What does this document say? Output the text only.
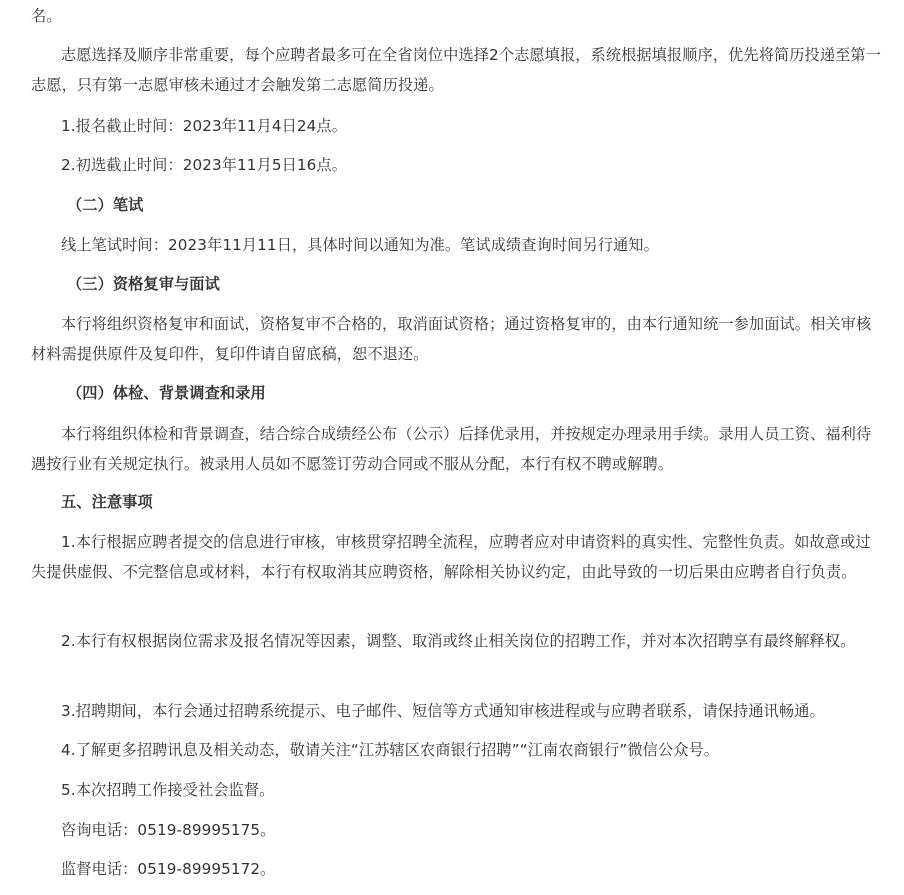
名。

志愿选择及顺序非常重要，每个应聘者最多可在全省岗位中选择2个志愿填报，系统根据填报顺序，优先将简历投递至第一志愿，只有第一志愿审核未通过才会触发第二志愿简历投递。

1.报名截止时间：2023年11月4日24点。

2.初选截止时间：2023年11月5日16点。

（二）笔试

线上笔试时间：2023年11月11日，具体时间以通知为准。笔试成绩查询时间另行通知。

（三）资格复审与面试

本行将组织资格复审和面试，资格复审不合格的，取消面试资格；通过资格复审的，由本行通知统一参加面试。相关审核材料需提供原件及复印件，复印件请自留底稿，恕不退还。

（四）体检、背景调查和录用

本行将组织体检和背景调查，结合综合成绩经公布（公示）后择优录用，并按规定办理录用手续。录用人员工资、福利待遇按行业有关规定执行。被录用人员如不愿签订劳动合同或不服从分配，本行有权不聘或解聘。

五、注意事项

1.本行根据应聘者提交的信息进行审核，审核贯穿招聘全流程，应聘者应对申请资料的真实性、完整性负责。如故意或过失提供虚假、不完整信息或材料，本行有权取消其应聘资格，解除相关协议约定，由此导致的一切后果由应聘者自行负责。

2.本行有权根据岗位需求及报名情况等因素，调整、取消或终止相关岗位的招聘工作，并对本次招聘享有最终解释权。

3.招聘期间，本行会通过招聘系统提示、电子邮件、短信等方式通知审核进程或与应聘者联系，请保持通讯畅通。

4.了解更多招聘讯息及相关动态，敬请关注“江苏辖区农商银行招聘”“江南农商银行”微信公众号。

5.本次招聘工作接受社会监督。

咨询电话：0519-89995175。

监督电话：0519-89995172。
